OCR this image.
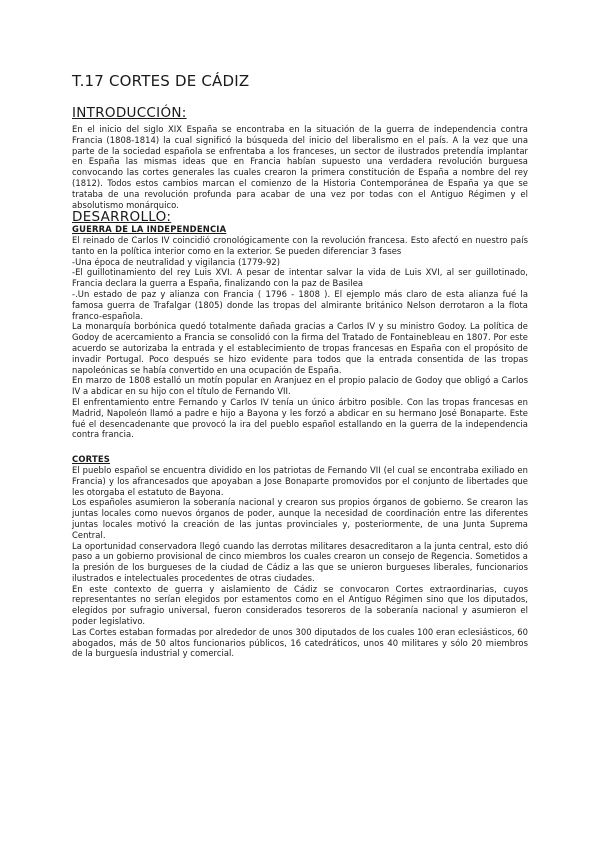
T.17 CORTES DE CÁDIZ
INTRODUCCIÓN:

En el inicio del siglo XIX España se encontraba en la situación de la guerra de independencia contra Francia (1808-1814) la cual significó la búsqueda del inicio del liberalismo en el país. A la vez que una parte de la sociedad española se enfrentaba a los franceses, un sector de ilustrados pretendía implantar en España las mismas ideas que en Francia habían supuesto una verdadera revolución burguesa convocando las cortes generales las cuales crearon la primera constitución de España a nombre del rey (1812). Todos estos cambios marcan el comienzo de la Historia Contemporánea de España ya que se trataba de una revolución profunda para acabar de una vez por todas con el Antiguo Régimen y el absolutismo monárquico.

DESARROLLO:
GUERRA DE LA INDEPENDENCIA

El reinado de Carlos IV coincidió cronológicamente con la revolución francesa. Esto afectó en nuestro país tanto en la política interior como en la exterior. Se pueden diferenciar 3 fases

-Una época de neutralidad y vigilancia (1779-92)

-El guillotinamiento del rey Luis XVI. A pesar de intentar salvar la vida de Luis XVI, al ser guillotinado, Francia declara la guerra a España, finalizando con la paz de Basilea

-.Un estado de paz y alianza con Francia ( 1796 - 1808 ). El ejemplo más claro de esta alianza fué la famosa guerra de Trafalgar (1805) donde las tropas del almirante británico Nelson derrotaron a la flota franco-española.

La monarquía borbónica quedó totalmente dañada gracias a Carlos IV y su ministro Godoy. La política de Godoy de acercamiento a Francia se consolidó con la firma del Tratado de Fontainebleau en 1807. Por este acuerdo se autorizaba la entrada y el establecimiento de tropas francesas en España con el propósito de invadir Portugal. Poco después se hizo evidente para todos que la entrada consentida de las tropas napoleónicas se había convertido en una ocupación de España.

En marzo de 1808 estalló un motín popular en Aranjuez en el propio palacio de Godoy que obligó a Carlos IV a abdicar en su hijo con el título de Fernando VII.

El enfrentamiento entre Fernando y Carlos IV tenía un único árbitro posible. Con las tropas francesas en Madrid, Napoleón llamó a padre e hijo a Bayona y les forzó a abdicar en su hermano José Bonaparte. Este fué el desencadenante que provocó la ira del pueblo español estallando en la guerra de la independencia contra francia.

CORTES

El pueblo español se encuentra dividido en los patriotas de Fernando VII (el cual se encontraba exiliado en Francia) y los afrancesados que apoyaban a Jose Bonaparte promovidos por el conjunto de libertades que les otorgaba el estatuto de Bayona.

Los españoles asumieron la soberanía nacional y crearon sus propios órganos de gobierno. Se crearon las juntas locales como nuevos órganos de poder, aunque la necesidad de coordinación entre las diferentes juntas locales motivó la creación de las juntas provinciales y, posteriormente, de una Junta Suprema Central.

La oportunidad conservadora llegó cuando las derrotas militares desacreditaron a la junta central, esto dió paso a un gobierno provisional de cinco miembros los cuales crearon un consejo de Regencia. Sometidos a la presión de los burgueses de la ciudad de Cádiz a las que se unieron burgueses liberales, funcionarios ilustrados e intelectuales procedentes de otras ciudades.

En este contexto de guerra y aislamiento de Cádiz se convocaron Cortes extraordinarias, cuyos representantes no serían elegidos por estamentos como en el Antiguo Régimen sino que los diputados, elegidos por sufragio universal, fueron considerados tesoreros de la soberanía nacional y asumieron el poder legislativo.

Las Cortes estaban formadas por alrededor de unos 300 diputados de los cuales 100 eran eclesiásticos, 60 abogados, más de 50 altos funcionarios públicos, 16 catedráticos, unos 40 militares y sólo 20 miembros de la burguesía industrial y comercial.
